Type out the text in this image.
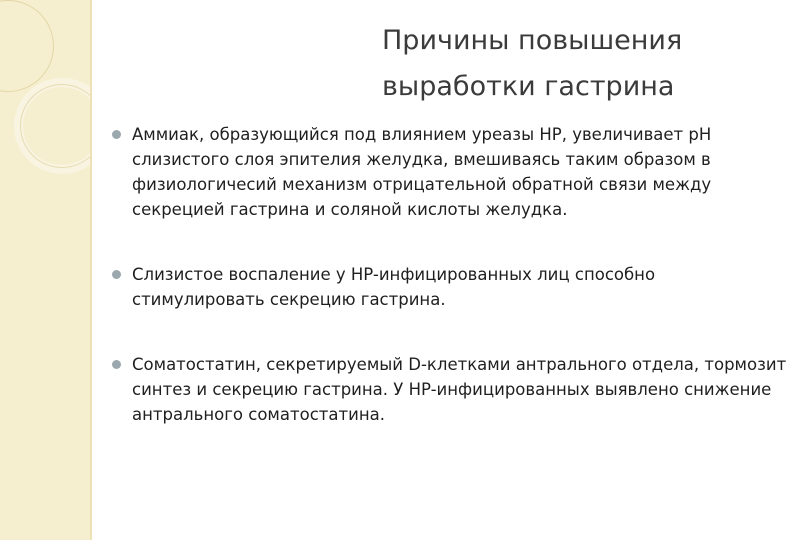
Причины повышения
выработки гастрина
Аммиак, образующийся под влиянием уреазы HP, увеличивает pH слизистого слоя эпителия желудка, вмешиваясь таким образом в физиологичесий механизм отрицательной обратной связи между секрецией гастрина и соляной кислоты желудка.
Слизистое воспаление у HP-инфицированных лиц способно стимулировать секрецию гастрина.
Соматостатин, секретируемый D-клетками антрального отдела, тормозит синтез и секрецию гастрина. У HP-инфицированных выявлено снижение антрального соматостатина.
